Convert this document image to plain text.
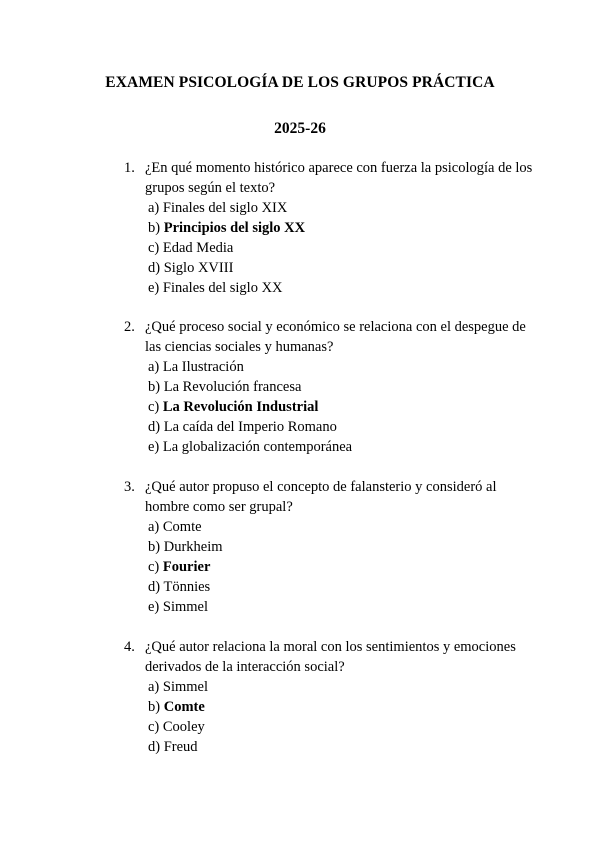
EXAMEN PSICOLOGÍA DE LOS GRUPOS PRÁCTICA
2025-26
1. ¿En qué momento histórico aparece con fuerza la psicología de los grupos según el texto?
a) Finales del siglo XIX
b) Principios del siglo XX
c) Edad Media
d) Siglo XVIII
e) Finales del siglo XX
2. ¿Qué proceso social y económico se relaciona con el despegue de las ciencias sociales y humanas?
a) La Ilustración
b) La Revolución francesa
c) La Revolución Industrial
d) La caída del Imperio Romano
e) La globalización contemporánea
3. ¿Qué autor propuso el concepto de falansterio y consideró al hombre como ser grupal?
a) Comte
b) Durkheim
c) Fourier
d) Tönnies
e) Simmel
4. ¿Qué autor relaciona la moral con los sentimientos y emociones derivados de la interacción social?
a) Simmel
b) Comte
c) Cooley
d) Freud
